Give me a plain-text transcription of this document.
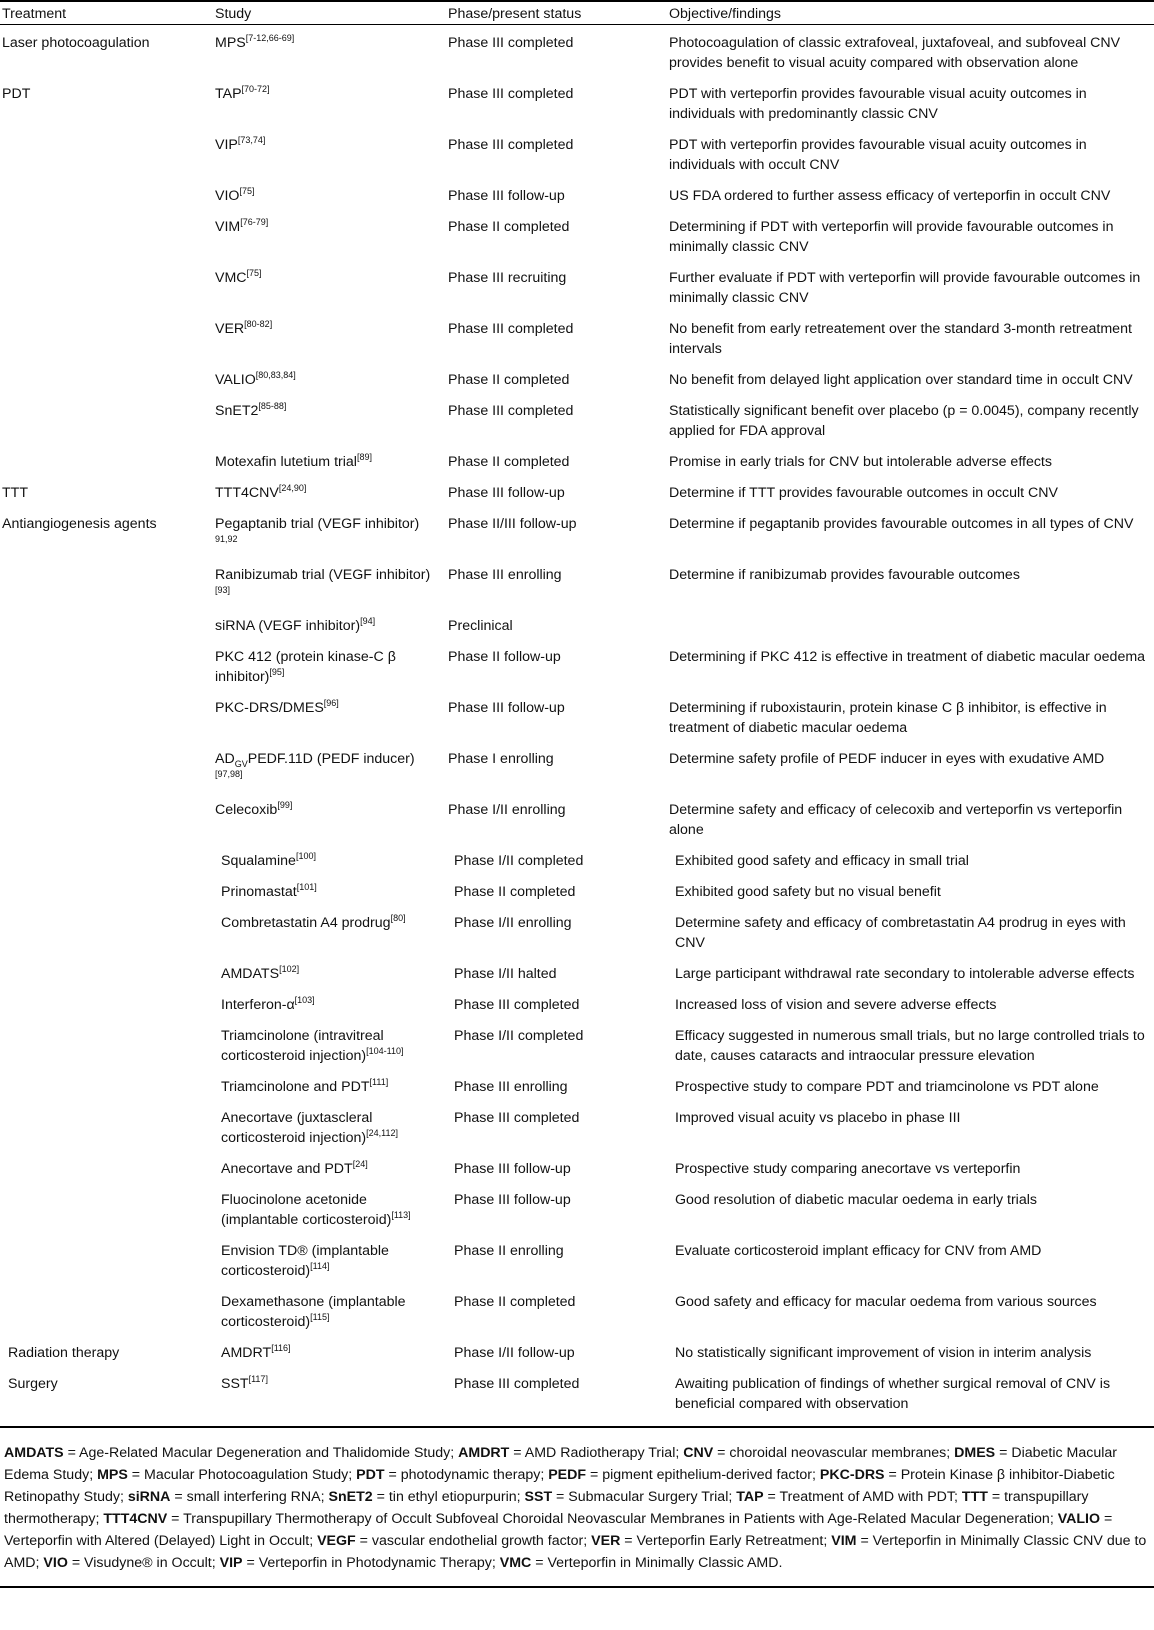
Treatment	Study	Phase/present status	Objective/findings
Laser photocoagulation	MPS[7-12,66-69]	Phase III completed	Photocoagulation of classic extrafoveal, juxtafoveal, and subfoveal CNV provides benefit to visual acuity compared with observation alone
PDT	TAP[70-72]	Phase III completed	PDT with verteporfin provides favourable visual acuity outcomes in individuals with predominantly classic CNV
	VIP[73,74]	Phase III completed	PDT with verteporfin provides favourable visual acuity outcomes in individuals with occult CNV
	VIO[75]	Phase III follow-up	US FDA ordered to further assess efficacy of verteporfin in occult CNV
	VIM[76-79]	Phase II completed	Determining if PDT with verteporfin will provide favourable outcomes in minimally classic CNV
	VMC[75]	Phase III recruiting	Further evaluate if PDT with verteporfin will provide favourable outcomes in minimally classic CNV
	VER[80-82]	Phase III completed	No benefit from early retreatement over the standard 3-month retreatment intervals
	VALIO[80,83,84]	Phase II completed	No benefit from delayed light application over standard time in occult CNV
	SnET2[85-88]	Phase III completed	Statistically significant benefit over placebo (p = 0.0045), company recently applied for FDA approval
	Motexafin lutetium trial[89]	Phase II completed	Promise in early trials for CNV but intolerable adverse effects
TTT	TTT4CNV[24,90]	Phase III follow-up	Determine if TTT provides favourable outcomes in occult CNV
Antiangiogenesis agents	Pegaptanib trial (VEGF inhibitor) $^{91,92}$	Phase II/III follow-up	Determine if pegaptanib provides favourable outcomes in all types of CNV
	Ranibizumab trial (VEGF inhibitor)[93]	Phase III enrolling	Determine if ranibizumab provides favourable outcomes
	siRNA (VEGF inhibitor)[94]	Preclinical	
	PKC 412 (protein kinase-C β inhibitor)[95]	Phase II follow-up	Determining if PKC 412 is effective in treatment of diabetic macular oedema
	PKC-DRS/DMES[96]	Phase III follow-up	Determining if ruboxistaurin, protein kinase C β inhibitor, is effective in treatment of diabetic macular oedema
	$AD_{GV}PEDF.11D$ (PEDF inducer)[97,98]	Phase I enrolling	Determine safety profile of PEDF inducer in eyes with exudative AMD
	Celecoxib[99]	Phase I/II enrolling	Determine safety and efficacy of celecoxib and verteporfin vs verteporfin alone
	Squalamine[100]	Phase I/II completed	Exhibited good safety and efficacy in small trial
	Prinomastat[101]	Phase II completed	Exhibited good safety but no visual benefit
	Combretastatin A4 prodrug[80]	Phase I/II enrolling	Determine safety and efficacy of combretastatin A4 prodrug in eyes with CNV
	AMDATS[102]	Phase I/II halted	Large participant withdrawal rate secondary to intolerable adverse effects
	Interferon-α[103]	Phase III completed	Increased loss of vision and severe adverse effects
	Triamcinolone (intravitreal corticosteroid injection)[104-110]	Phase I/II completed	Efficacy suggested in numerous small trials, but no large controlled trials to date, causes cataracts and intraocular pressure elevation
	Triamcinolone and PDT[111]	Phase III enrolling	Prospective study to compare PDT and triamcinolone vs PDT alone
	Anecortave (juxtascleral corticosteroid injection)[24,112]	Phase III completed	Improved visual acuity vs placebo in phase III
	Anecortave and PDT[24]	Phase III follow-up	Prospective study comparing anecortave vs verteporfin
	Fluocinolone acetonide (implantable corticosteroid)[113]	Phase III follow-up	Good resolution of diabetic macular oedema in early trials
	Envision TD® (implantable corticosteroid)[114]	Phase II enrolling	Evaluate corticosteroid implant efficacy for CNV from AMD
	Dexamethasone (implantable corticosteroid)[115]	Phase II completed	Good safety and efficacy for macular oedema from various sources
Radiation therapy	AMDRT[116]	Phase I/II follow-up	No statistically significant improvement of vision in interim analysis
Surgery	SST[117]	Phase III completed	Awaiting publication of findings of whether surgical removal of CNV is beneficial compared with observation
AMDATS = Age-Related Macular Degeneration and Thalidomide Study; AMDRT = AMD Radiotherapy Trial; CNV = choroidal neovascular membranes; DMES = Diabetic Macular Edema Study; MPS = Macular Photocoagulation Study; PDT = photodynamic therapy; PEDF = pigment epithelium-derived factor; PKC-DRS = Protein Kinase β inhibitor-Diabetic Retinopathy Study; siRNA = small interfering RNA; SnET2 = tin ethyl etiopurpurin; SST = Submacular Surgery Trial; TAP = Treatment of AMD with PDT; TTT = transpupillary thermotherapy; TTT4CNV = Transpupillary Thermotherapy of Occult Subfoveal Choroidal Neovascular Membranes in Patients with Age-Related Macular Degeneration; VALIO = Verteporfin with Altered (Delayed) Light in Occult; VEGF = vascular endothelial growth factor; VER = Verteporfin Early Retreatment; VIM = Verteporfin in Minimally Classic CNV due to AMD; VIO = Visudyne® in Occult; VIP = Verteporfin in Photodynamic Therapy; VMC = Verteporfin in Minimally Classic AMD.
